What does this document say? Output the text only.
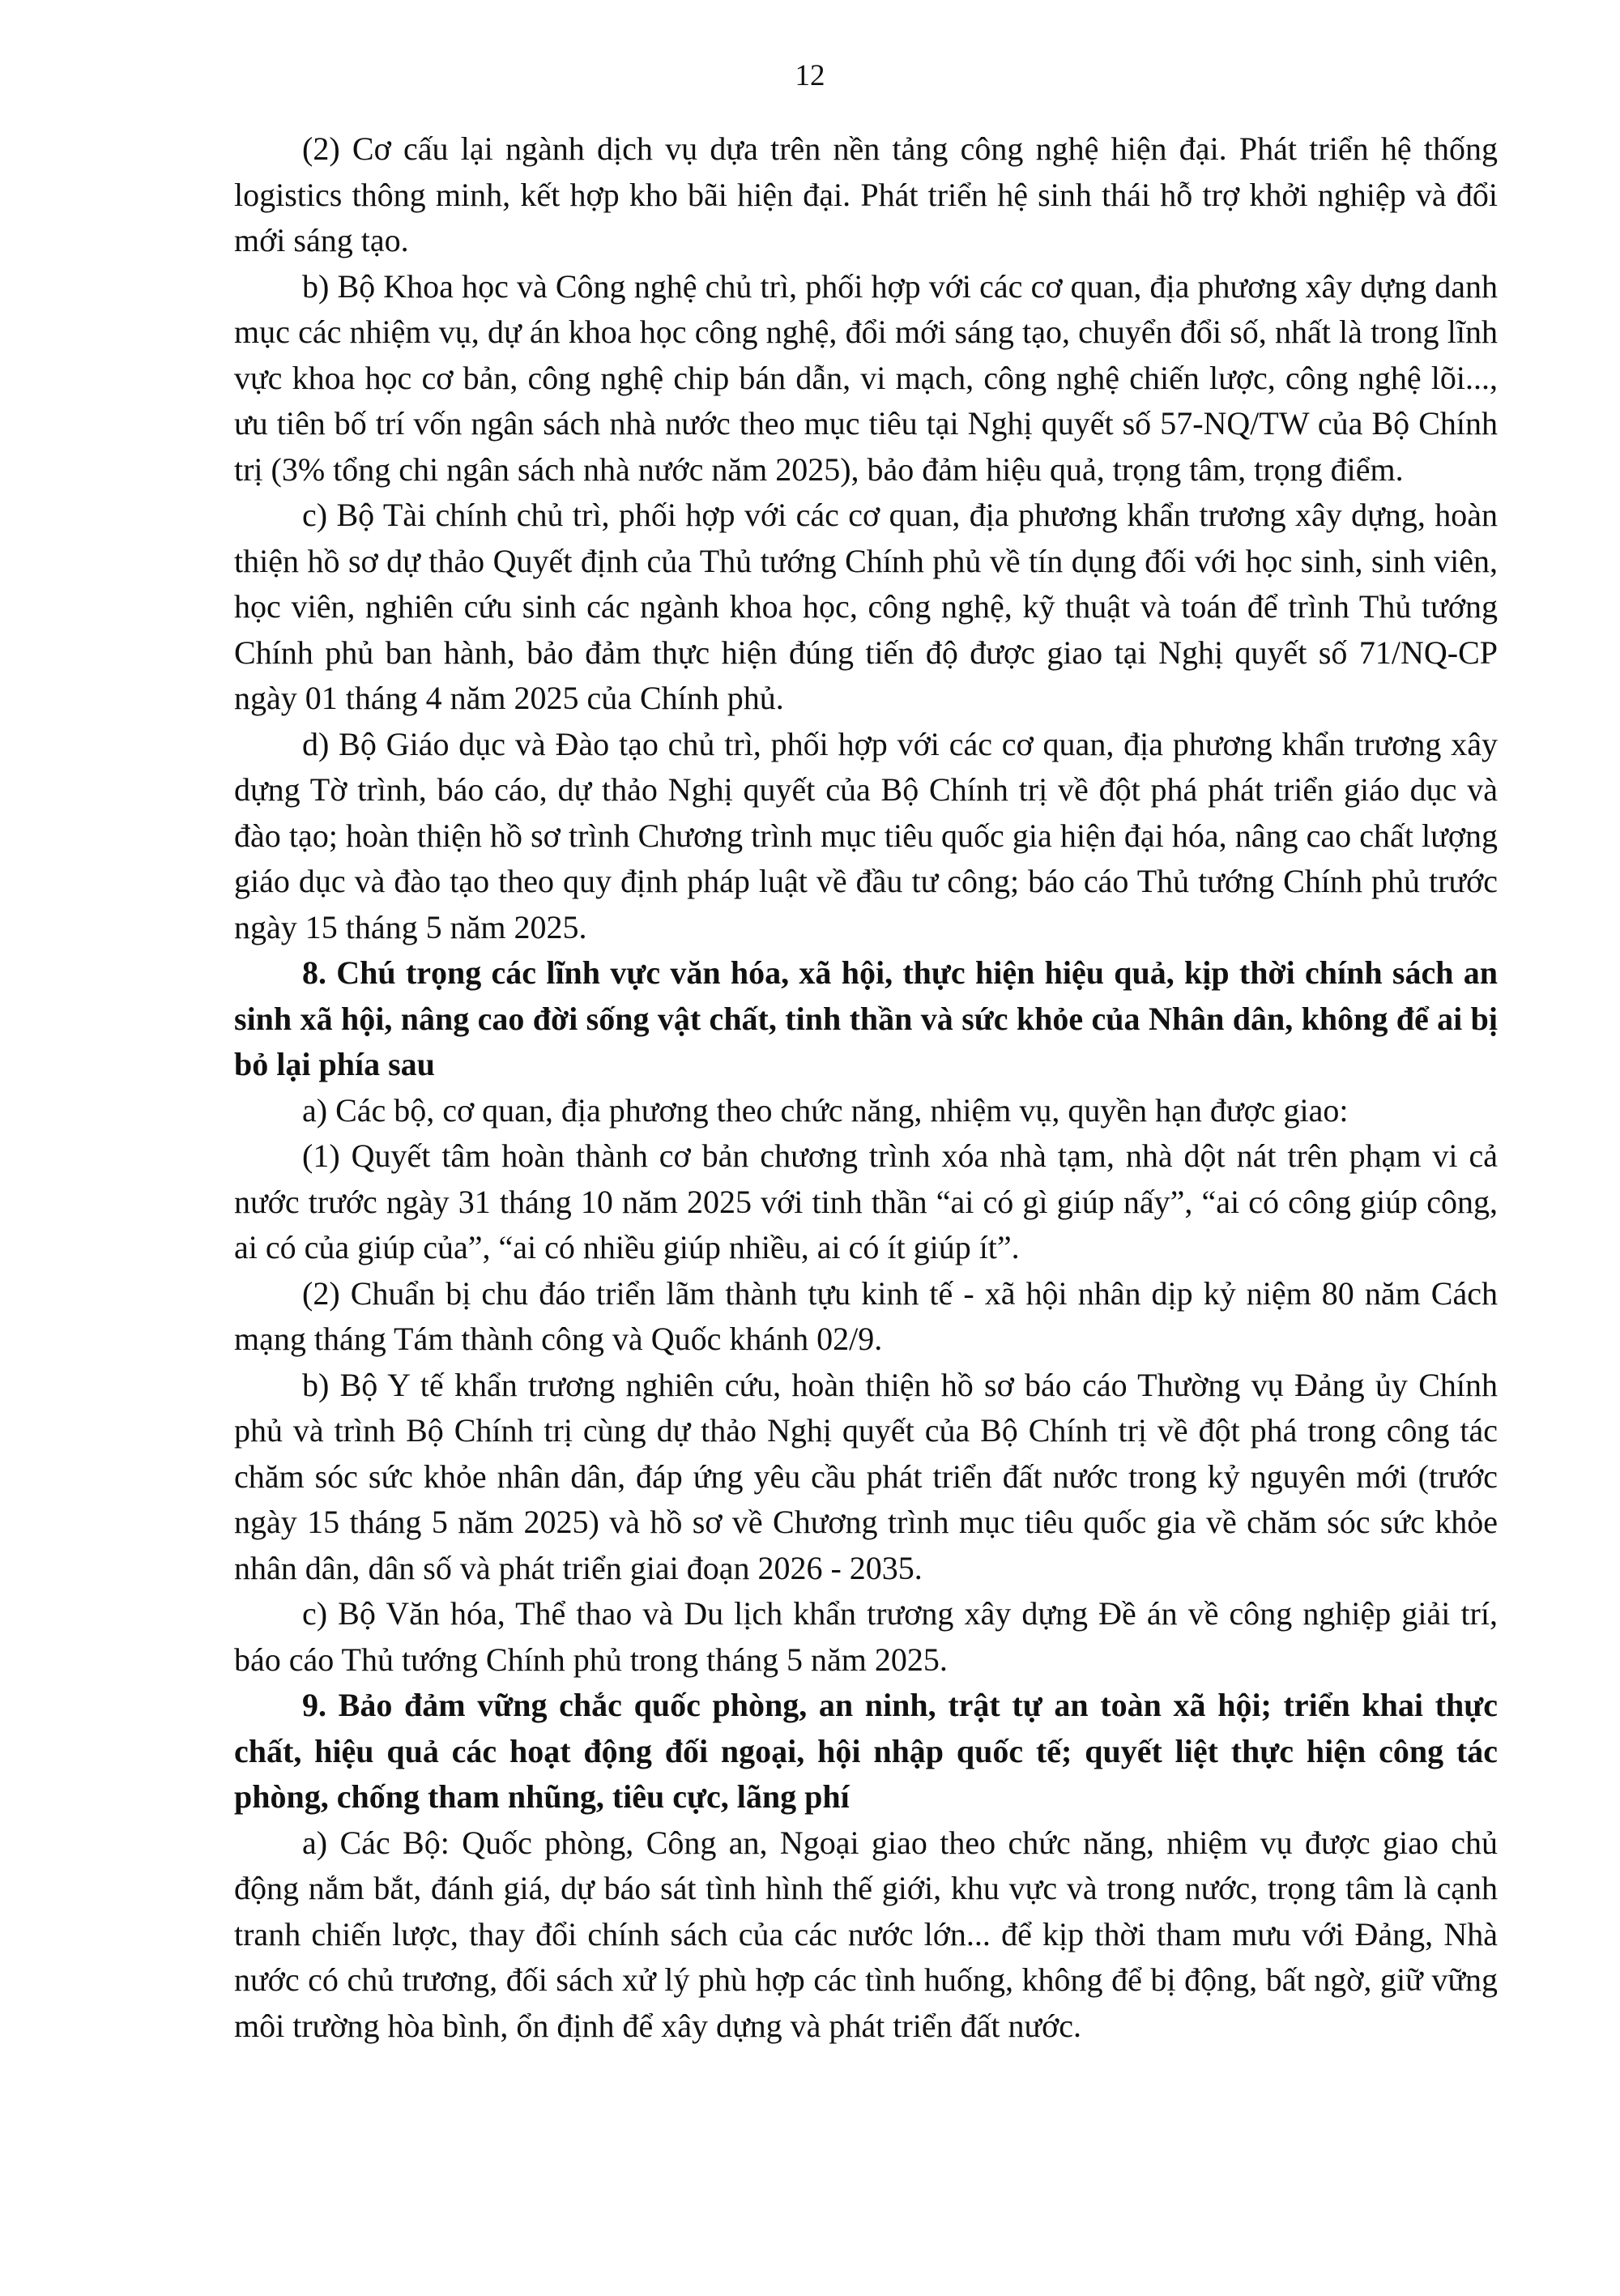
12

(2) Cơ cấu lại ngành dịch vụ dựa trên nền tảng công nghệ hiện đại. Phát triển hệ thống logistics thông minh, kết hợp kho bãi hiện đại. Phát triển hệ sinh thái hỗ trợ khởi nghiệp và đổi mới sáng tạo.

b) Bộ Khoa học và Công nghệ chủ trì, phối hợp với các cơ quan, địa phương xây dựng danh mục các nhiệm vụ, dự án khoa học công nghệ, đổi mới sáng tạo, chuyển đổi số, nhất là trong lĩnh vực khoa học cơ bản, công nghệ chip bán dẫn, vi mạch, công nghệ chiến lược, công nghệ lõi..., ưu tiên bố trí vốn ngân sách nhà nước theo mục tiêu tại Nghị quyết số 57-NQ/TW của Bộ Chính trị (3% tổng chi ngân sách nhà nước năm 2025), bảo đảm hiệu quả, trọng tâm, trọng điểm.

c) Bộ Tài chính chủ trì, phối hợp với các cơ quan, địa phương khẩn trương xây dựng, hoàn thiện hồ sơ dự thảo Quyết định của Thủ tướng Chính phủ về tín dụng đối với học sinh, sinh viên, học viên, nghiên cứu sinh các ngành khoa học, công nghệ, kỹ thuật và toán để trình Thủ tướng Chính phủ ban hành, bảo đảm thực hiện đúng tiến độ được giao tại Nghị quyết số 71/NQ-CP ngày 01 tháng 4 năm 2025 của Chính phủ.

d) Bộ Giáo dục và Đào tạo chủ trì, phối hợp với các cơ quan, địa phương khẩn trương xây dựng Tờ trình, báo cáo, dự thảo Nghị quyết của Bộ Chính trị về đột phá phát triển giáo dục và đào tạo; hoàn thiện hồ sơ trình Chương trình mục tiêu quốc gia hiện đại hóa, nâng cao chất lượng giáo dục và đào tạo theo quy định pháp luật về đầu tư công; báo cáo Thủ tướng Chính phủ trước ngày 15 tháng 5 năm 2025.

8. Chú trọng các lĩnh vực văn hóa, xã hội, thực hiện hiệu quả, kịp thời chính sách an sinh xã hội, nâng cao đời sống vật chất, tinh thần và sức khỏe của Nhân dân, không để ai bị bỏ lại phía sau

a) Các bộ, cơ quan, địa phương theo chức năng, nhiệm vụ, quyền hạn được giao:

(1) Quyết tâm hoàn thành cơ bản chương trình xóa nhà tạm, nhà dột nát trên phạm vi cả nước trước ngày 31 tháng 10 năm 2025 với tinh thần “ai có gì giúp nấy”, “ai có công giúp công, ai có của giúp của”, “ai có nhiều giúp nhiều, ai có ít giúp ít”.

(2) Chuẩn bị chu đáo triển lãm thành tựu kinh tế - xã hội nhân dịp kỷ niệm 80 năm Cách mạng tháng Tám thành công và Quốc khánh 02/9.

b) Bộ Y tế khẩn trương nghiên cứu, hoàn thiện hồ sơ báo cáo Thường vụ Đảng ủy Chính phủ và trình Bộ Chính trị cùng dự thảo Nghị quyết của Bộ Chính trị về đột phá trong công tác chăm sóc sức khỏe nhân dân, đáp ứng yêu cầu phát triển đất nước trong kỷ nguyên mới (trước ngày 15 tháng 5 năm 2025) và hồ sơ về Chương trình mục tiêu quốc gia về chăm sóc sức khỏe nhân dân, dân số và phát triển giai đoạn 2026 - 2035.

c) Bộ Văn hóa, Thể thao và Du lịch khẩn trương xây dựng Đề án về công nghiệp giải trí, báo cáo Thủ tướng Chính phủ trong tháng 5 năm 2025.

9. Bảo đảm vững chắc quốc phòng, an ninh, trật tự an toàn xã hội; triển khai thực chất, hiệu quả các hoạt động đối ngoại, hội nhập quốc tế; quyết liệt thực hiện công tác phòng, chống tham nhũng, tiêu cực, lãng phí

a) Các Bộ: Quốc phòng, Công an, Ngoại giao theo chức năng, nhiệm vụ được giao chủ động nắm bắt, đánh giá, dự báo sát tình hình thế giới, khu vực và trong nước, trọng tâm là cạnh tranh chiến lược, thay đổi chính sách của các nước lớn... để kịp thời tham mưu với Đảng, Nhà nước có chủ trương, đối sách xử lý phù hợp các tình huống, không để bị động, bất ngờ, giữ vững môi trường hòa bình, ổn định để xây dựng và phát triển đất nước.
